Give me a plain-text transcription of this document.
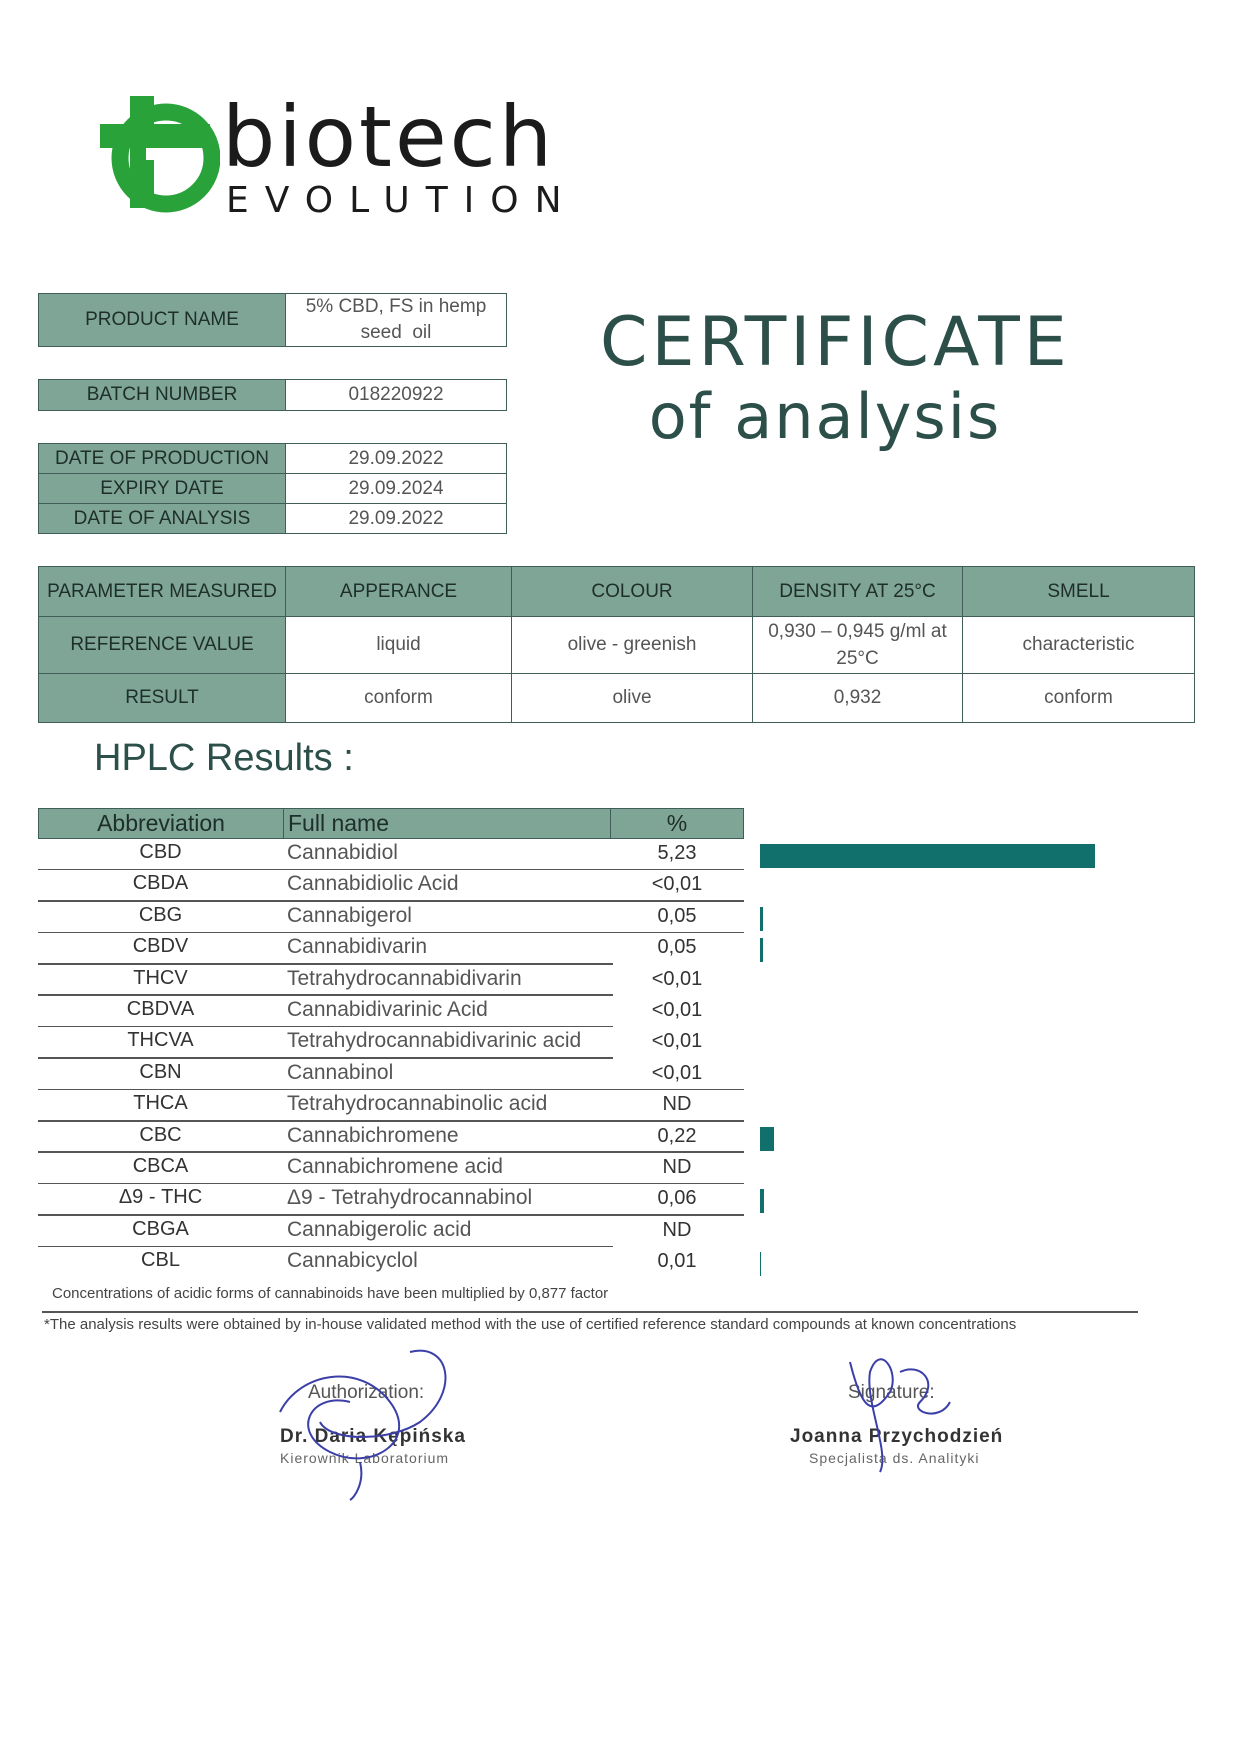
biotech
EVOLUTION
CERTIFICATE
of analysis
PRODUCT NAME	5% CBD, FS in hemp
seed  oil
BATCH NUMBER	018220922
DATE OF PRODUCTION	29.09.2022
EXPIRY DATE	29.09.2024
DATE OF ANALYSIS	29.09.2022
PARAMETER MEASURED	APPERANCE	COLOUR	DENSITY AT 25°C	SMELL
REFERENCE VALUE	liquid	olive - greenish	0,930 – 0,945 g/ml at 25°C	characteristic
RESULT	conform	olive	0,932	conform
HPLC Results :
Abbreviation	Full name	%
CBD	Cannabidiol	5,23
CBDA	Cannabidiolic Acid	<0,01
CBG	Cannabigerol	0,05
CBDV	Cannabidivarin	0,05
THCV	Tetrahydrocannabidivarin	<0,01
CBDVA	Cannabidivarinic Acid	<0,01
THCVA	Tetrahydrocannabidivarinic acid	<0,01
CBN	Cannabinol	<0,01
THCA	Tetrahydrocannabinolic acid	ND
CBC	Cannabichromene	0,22
CBCA	Cannabichromene acid	ND
Δ9 - THC	Δ9 - Tetrahydrocannabinol	0,06
CBGA	Cannabigerolic acid	ND
CBL	Cannabicyclol	0,01
Concentrations of acidic forms of cannabinoids have been multiplied by 0,877 factor
*The analysis results were obtained by in-house validated method with the use of certified reference standard compounds at known concentrations
Authorization:
Dr. Daria Kępińska
Kierownik Laboratorium
Signature:
Joanna Przychodzień
Specjalista ds. Analityki
